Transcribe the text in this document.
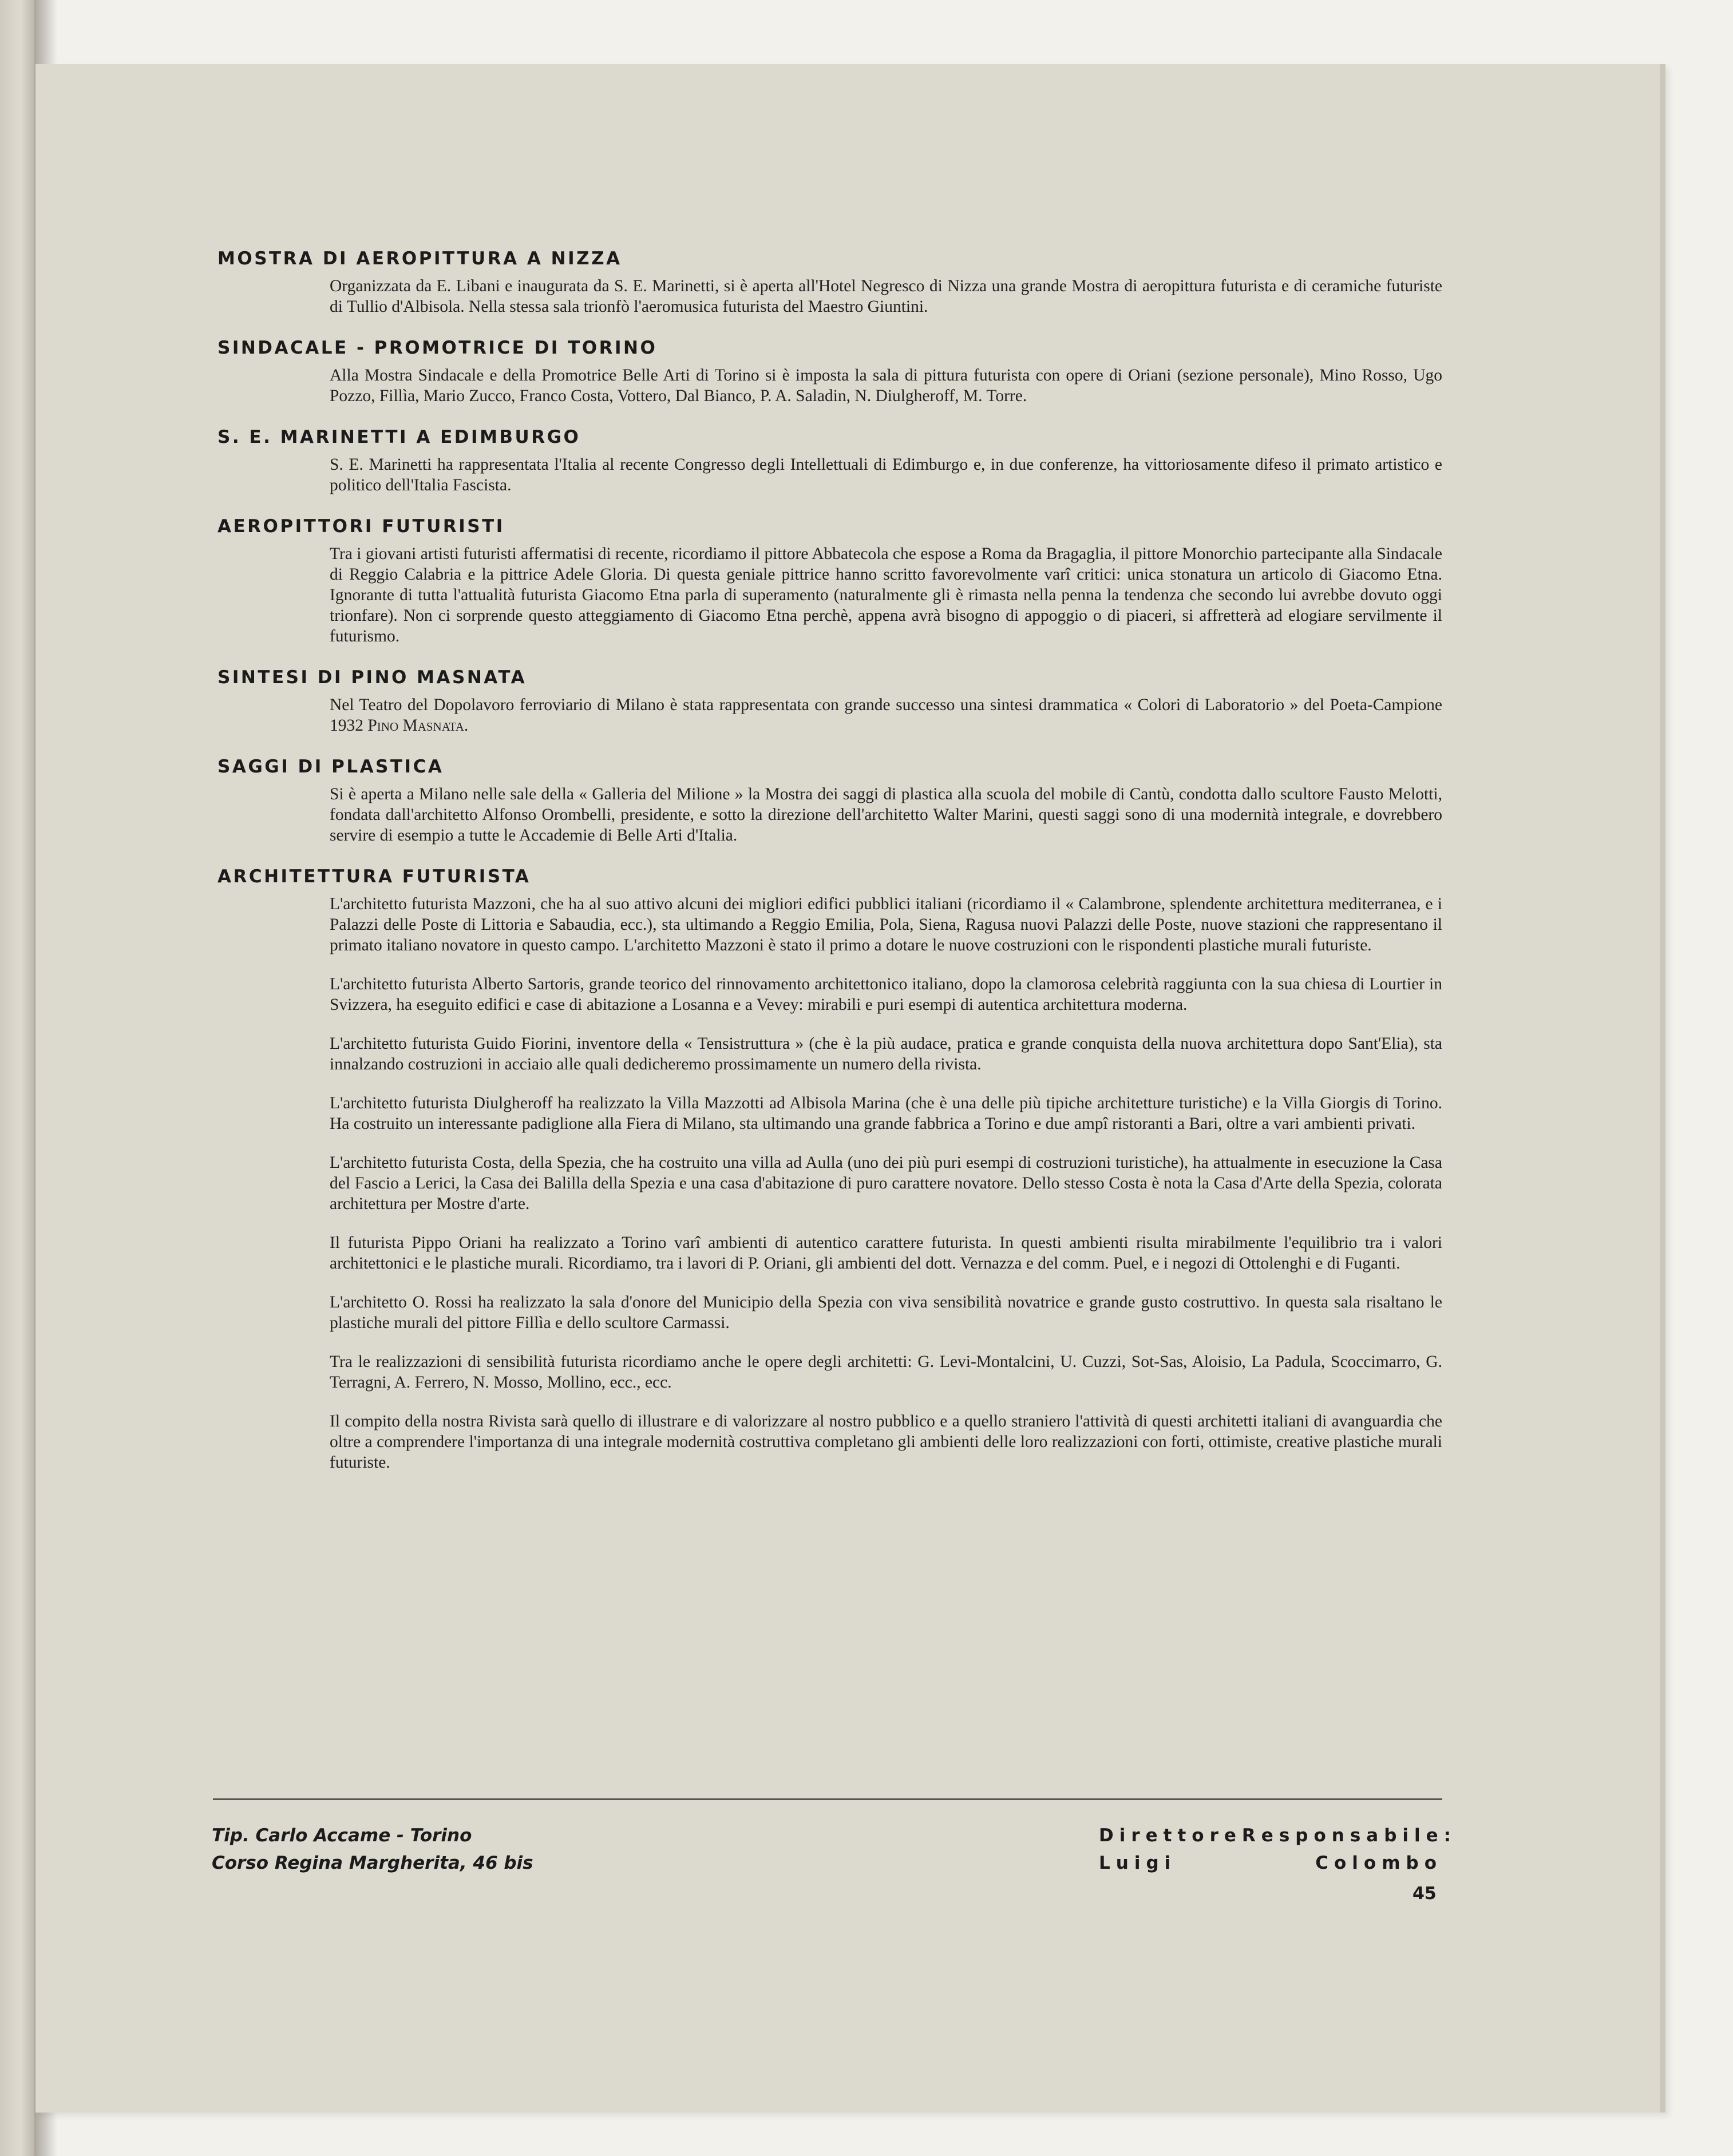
MOSTRA DI AEROPITTURA A NIZZA
Organizzata da E. Libani e inaugurata da S. E. Marinetti, si è aperta all'Hotel Negresco di Nizza una grande Mostra di aeropittura futurista e di ceramiche futuriste di Tullio d'Albisola. Nella stessa sala trionfò l'aeromusica futurista del Maestro Giuntini.
SINDACALE - PROMOTRICE DI TORINO
Alla Mostra Sindacale e della Promotrice Belle Arti di Torino si è imposta la sala di pittura futurista con opere di Oriani (sezione personale), Mino Rosso, Ugo Pozzo, Fillìa, Mario Zucco, Franco Costa, Vottero, Dal Bianco, P. A. Saladin, N. Diulgheroff, M. Torre.
S. E. MARINETTI A EDIMBURGO
S. E. Marinetti ha rappresentata l'Italia al recente Congresso degli Intellettuali di Edimburgo e, in due conferenze, ha vittoriosamente difeso il primato artistico e politico dell'Italia Fascista.
AEROPITTORI FUTURISTI
Tra i giovani artisti futuristi affermatisi di recente, ricordiamo il pittore Abbatecola che espose a Roma da Bragaglia, il pittore Monorchio partecipante alla Sindacale di Reggio Calabria e la pittrice Adele Gloria. Di questa geniale pittrice hanno scritto favorevolmente varî critici: unica stonatura un articolo di Giacomo Etna. Ignorante di tutta l'attualità futurista Giacomo Etna parla di superamento (naturalmente gli è rimasta nella penna la tendenza che secondo lui avrebbe dovuto oggi trionfare). Non ci sorprende questo atteggiamento di Giacomo Etna perchè, appena avrà bisogno di appoggio o di piaceri, si affretterà ad elogiare servilmente il futurismo.
SINTESI DI PINO MASNATA
Nel Teatro del Dopolavoro ferroviario di Milano è stata rappresentata con grande successo una sintesi drammatica « Colori di Laboratorio » del Poeta-Campione 1932 Pino Masnata.
SAGGI DI PLASTICA
Si è aperta a Milano nelle sale della « Galleria del Milione » la Mostra dei saggi di plastica alla scuola del mobile di Cantù, condotta dallo scultore Fausto Melotti, fondata dall'architetto Alfonso Orombelli, presidente, e sotto la direzione dell'architetto Walter Marini, questi saggi sono di una modernità integrale, e dovrebbero servire di esempio a tutte le Accademie di Belle Arti d'Italia.
ARCHITETTURA FUTURISTA
L'architetto futurista Mazzoni, che ha al suo attivo alcuni dei migliori edifici pubblici italiani (ricordiamo il « Calambrone, splendente architettura mediterranea, e i Palazzi delle Poste di Littoria e Sabaudia, ecc.), sta ultimando a Reggio Emilia, Pola, Siena, Ragusa nuovi Palazzi delle Poste, nuove stazioni che rappresentano il primato italiano novatore in questo campo. L'architetto Mazzoni è stato il primo a dotare le nuove costruzioni con le rispondenti plastiche murali futuriste.
L'architetto futurista Alberto Sartoris, grande teorico del rinnovamento architettonico italiano, dopo la clamorosa celebrità raggiunta con la sua chiesa di Lourtier in Svizzera, ha eseguito edifici e case di abitazione a Losanna e a Vevey: mirabili e puri esempi di autentica architettura moderna.
L'architetto futurista Guido Fiorini, inventore della « Tensistruttura » (che è la più audace, pratica e grande conquista della nuova architettura dopo Sant'Elia), sta innalzando costruzioni in acciaio alle quali dedicheremo prossimamente un numero della rivista.
L'architetto futurista Diulgheroff ha realizzato la Villa Mazzotti ad Albisola Marina (che è una delle più tipiche architetture turistiche) e la Villa Giorgis di Torino. Ha costruito un interessante padiglione alla Fiera di Milano, sta ultimando una grande fabbrica a Torino e due ampî ristoranti a Bari, oltre a vari ambienti privati.
L'architetto futurista Costa, della Spezia, che ha costruito una villa ad Aulla (uno dei più puri esempi di costruzioni turistiche), ha attualmente in esecuzione la Casa del Fascio a Lerici, la Casa dei Balilla della Spezia e una casa d'abitazione di puro carattere novatore. Dello stesso Costa è nota la Casa d'Arte della Spezia, colorata architettura per Mostre d'arte.
Il futurista Pippo Oriani ha realizzato a Torino varî ambienti di autentico carattere futurista. In questi ambienti risulta mirabilmente l'equilibrio tra i valori architettonici e le plastiche murali. Ricordiamo, tra i lavori di P. Oriani, gli ambienti del dott. Vernazza e del comm. Puel, e i negozi di Ottolenghi e di Fuganti.
L'architetto O. Rossi ha realizzato la sala d'onore del Municipio della Spezia con viva sensibilità novatrice e grande gusto costruttivo. In questa sala risaltano le plastiche murali del pittore Fillìa e dello scultore Carmassi.
Tra le realizzazioni di sensibilità futurista ricordiamo anche le opere degli architetti: G. Levi-Montalcini, U. Cuzzi, Sot-Sas, Aloisio, La Padula, Scoccimarro, G. Terragni, A. Ferrero, N. Mosso, Mollino, ecc., ecc.
Il compito della nostra Rivista sarà quello di illustrare e di valorizzare al nostro pubblico e a quello straniero l'attività di questi architetti italiani di avanguardia che oltre a comprendere l'importanza di una integrale modernità costruttiva completano gli ambienti delle loro realizzazioni con forti, ottimiste, creative plastiche murali futuriste.
Tip. Carlo Accame - Torino
Corso Regina Margherita, 46 bis
Direttore Responsabile:
Luigi	Colombo
45
